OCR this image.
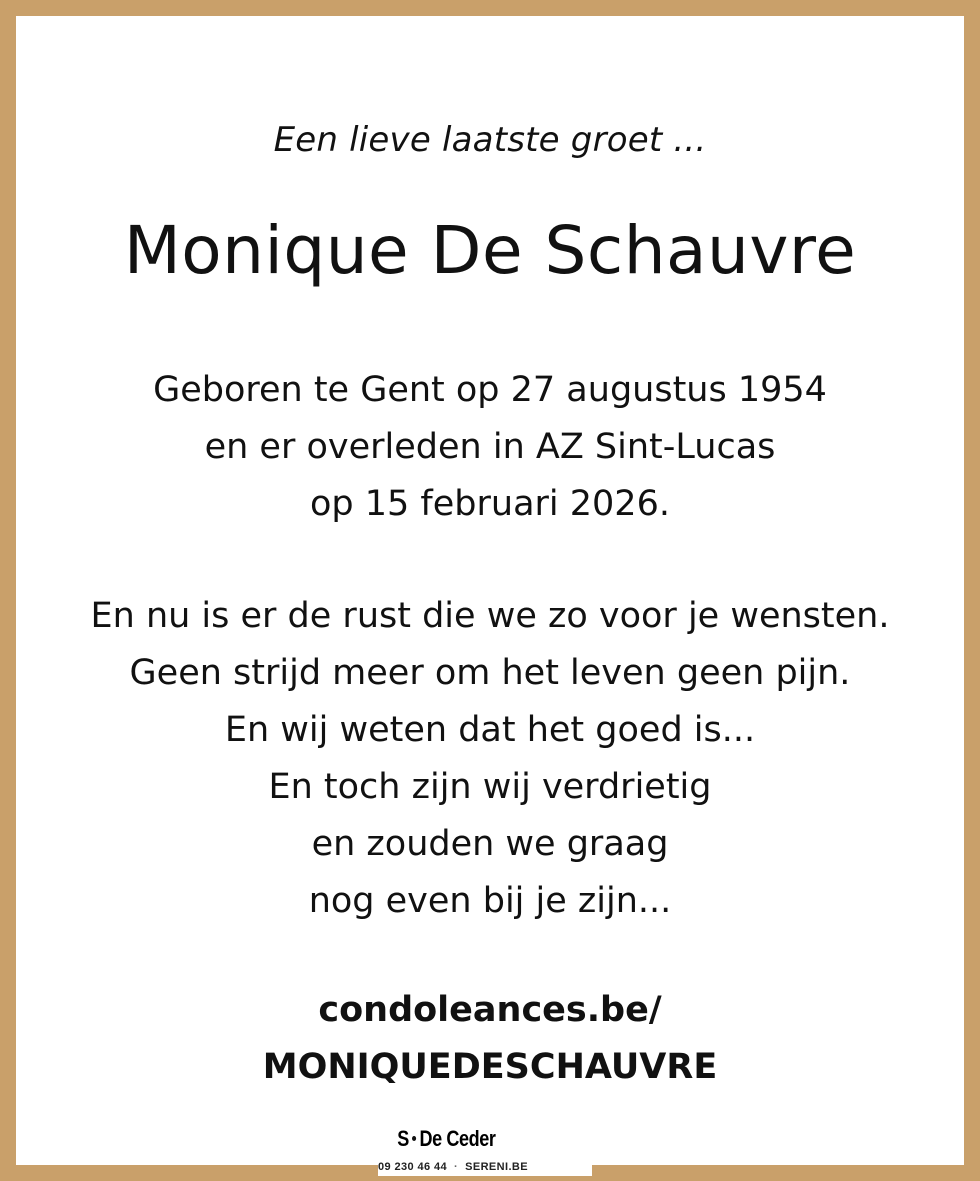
Een lieve laatste groet ...
Monique De Schauvre
Geboren te Gent op 27 augustus 1954
en er overleden in AZ Sint-Lucas
op 15 februari 2026.
En nu is er de rust die we zo voor je wensten.
Geen strijd meer om het leven geen pijn.
En wij weten dat het goed is...
En toch zijn wij verdrietig
en zouden we graag
nog even bij je zijn...
condoleances.be/
MONIQUEDESCHAUVRE
S De Ceder
09 230 46 44 · SERENI.BE
